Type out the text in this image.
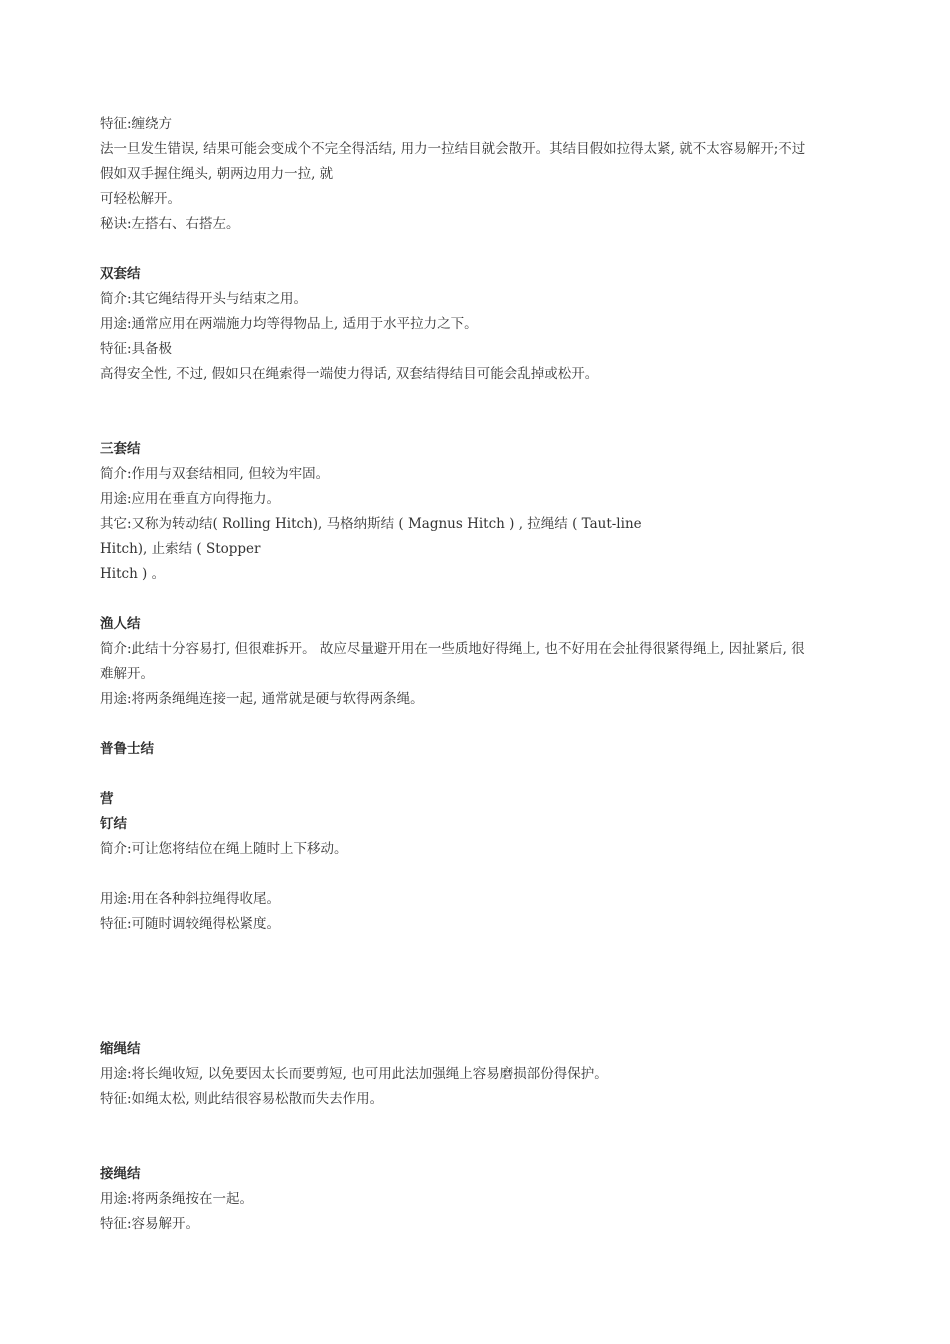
特征:缠绕方
法一旦发生错误, 结果可能会变成个不完全得活结, 用力一拉结目就会散开。其结目假如拉得太紧, 就不太容易解开;不过
假如双手握住绳头, 朝两边用力一拉, 就
可轻松解开。
秘诀:左搭右、右搭左。
双套结
简介:其它绳结得开头与结束之用。
用途:通常应用在两端施力均等得物品上, 适用于水平拉力之下。
特征:具备极
高得安全性, 不过, 假如只在绳索得一端使力得话, 双套结得结目可能会乱掉或松开。
三套结
简介:作用与双套结相同, 但较为牢固。
用途:应用在垂直方向得拖力。
其它:又称为转动结( Rolling Hitch), 马格纳斯结 ( Magnus Hitch ) , 拉绳结 ( Taut-line
Hitch), 止索结 ( Stopper
Hitch ) 。
渔人结
简介:此结十分容易打, 但很难拆开。 故应尽量避开用在一些质地好得绳上, 也不好用在会扯得很紧得绳上, 因扯紧后, 很
难解开。
用途:将两条绳绳连接一起, 通常就是硬与软得两条绳。
普鲁士结
营
钉结
简介:可让您将结位在绳上随时上下移动。
用途:用在各种斜拉绳得收尾。
特征:可随时调较绳得松紧度。
缩绳结
用途:将长绳收短, 以免要因太长而要剪短, 也可用此法加强绳上容易磨损部份得保护。
特征:如绳太松, 则此结很容易松散而失去作用。
接绳结
用途:将两条绳按在一起。
特征:容易解开。
